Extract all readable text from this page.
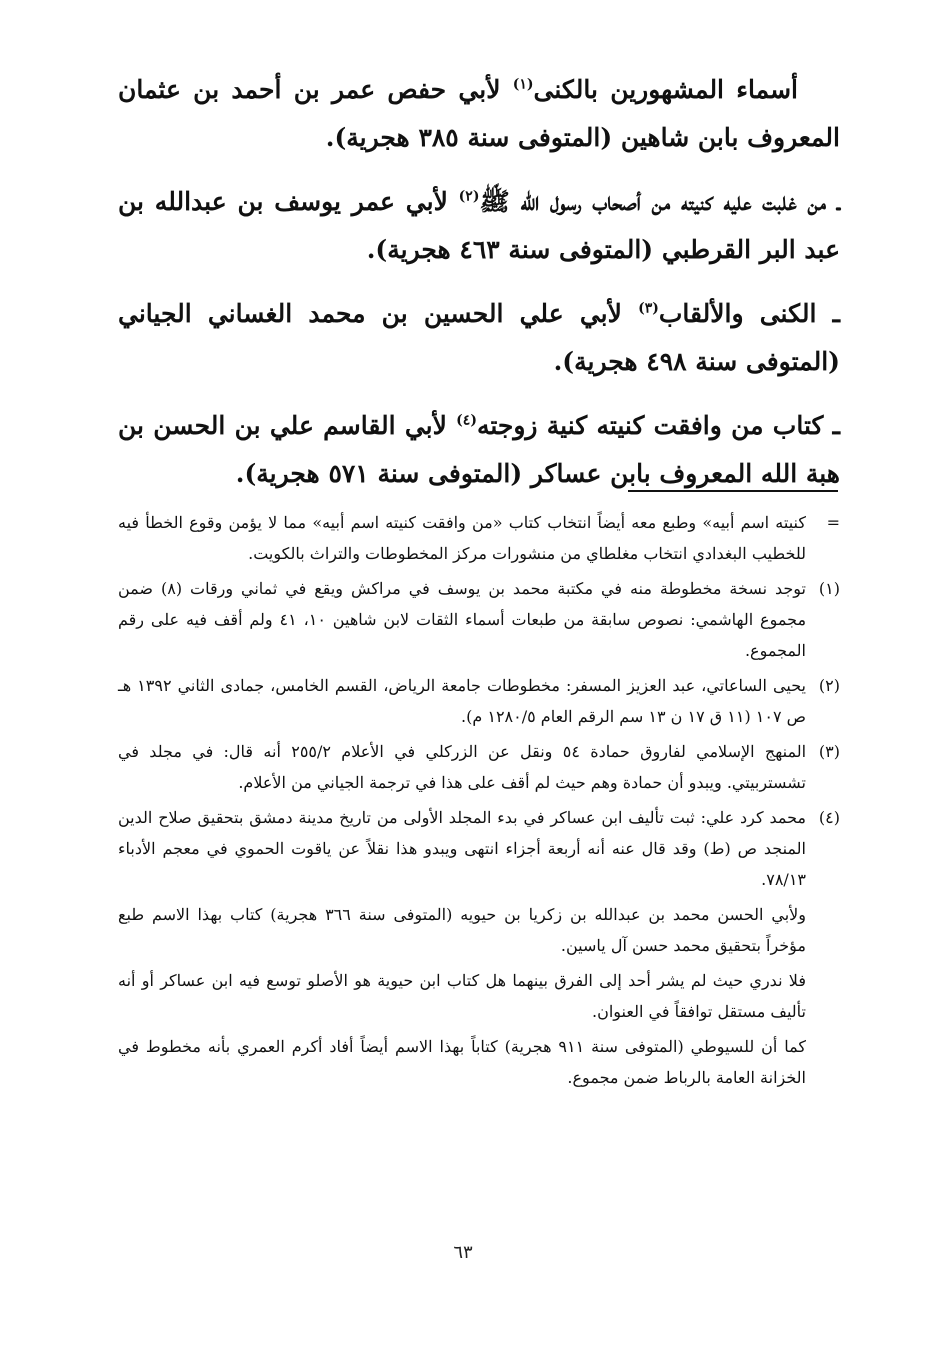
أسماء المشهورين بالكنى$^{(١)}$ لأبي حفص عمر بن أحمد بن عثمان المعروف بابن شاهين (المتوفى سنة ٣٨٥ هجرية).

ـ من غلبت عليه كنيته من أصحاب رسول الله ﷺ$^{(٢)}$ لأبي عمر يوسف بن عبدالله بن عبد البر القرطبي (المتوفى سنة ٤٦٣ هجرية).

ـ الكنى والألقاب$^{(٣)}$ لأبي علي الحسين بن محمد الغساني الجياني (المتوفى سنة ٤٩٨ هجرية).

ـ كتاب من وافقت كنيته كنية زوجته$^{(٤)}$ لأبي القاسم علي بن الحسن بن هبة الله المعروف بابن عساكر (المتوفى سنة ٥٧١ هجرية).

=
كنيته اسم أبيه» وطبع معه أيضاً انتخاب كتاب «من وافقت كنيته اسم أبيه» مما لا يؤمن وقوع الخطأ فيه للخطيب البغدادي انتخاب مغلطاي من منشورات مركز المخطوطات والتراث بالكويت.
(١)
توجد نسخة مخطوطة منه في مكتبة محمد بن يوسف في مراكش ويقع في ثماني ورقات (٨) ضمن مجموع الهاشمي: نصوص سابقة من طبعات أسماء الثقات لابن شاهين ١٠، ٤١ ولم أقف فيه على رقم المجموع.
(٢)
يحيى الساعاتي، عبد العزيز المسفر: مخطوطات جامعة الرياض، القسم الخامس، جمادى الثاني ١٣٩٢ هـ ص ١٠٧ (١١ ق ١٧ ن ١٣ سم الرقم العام ١٢٨٠/٥ م).
(٣)
المنهج الإسلامي لفاروق حمادة ٥٤ ونقل عن الزركلي في الأعلام ٢٥٥/٢ أنه قال: في مجلد في تشستربيتي. ويبدو أن حمادة وهم حيث لم أقف على هذا في ترجمة الجياني من الأعلام.
(٤)
محمد كرد علي: ثبت تأليف ابن عساكر في بدء المجلد الأولى من تاريخ مدينة دمشق بتحقيق صلاح الدين المنجد ص (ط) وقد قال عنه أنه أربعة أجزاء انتهى ويبدو هذا نقلاً عن ياقوت الحموي في معجم الأدباء ٧٨/١٣.
ولأبي الحسن محمد بن عبدالله بن زكريا بن حيويه (المتوفى سنة ٣٦٦ هجرية) كتاب بهذا الاسم طبع مؤخراً بتحقيق محمد حسن آل ياسين.
فلا ندري حيث لم يشر أحد إلى الفرق بينهما هل كتاب ابن حيوية هو الأصلو توسع فيه ابن عساكر أو أنه تأليف مستقل توافقاً في العنوان.
كما أن للسيوطي (المتوفى سنة ٩١١ هجرية) كتاباً بهذا الاسم أيضاً أفاد أكرم العمري بأنه مخطوط في الخزانة العامة بالرباط ضمن مجموع.
٦٣
